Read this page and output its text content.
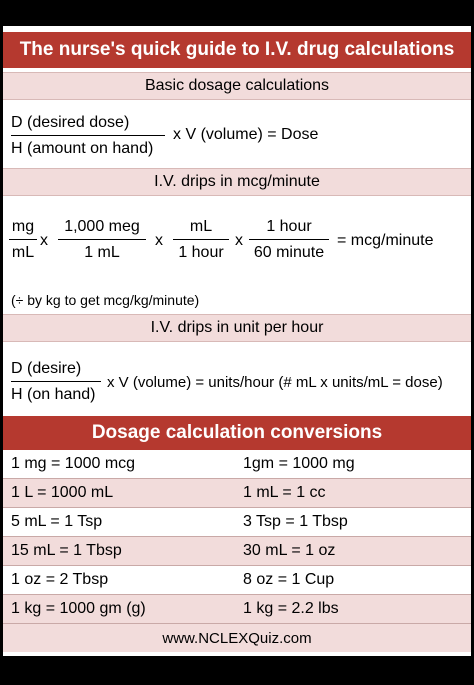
The nurse's quick guide to I.V. drug calculations
Basic dosage calculations
D (desired dose)
H (amount on hand)
x V (volume) = Dose
I.V. drips in mcg/minute
$\frac{mg}{mL}$ x
1,000 meg
1 mL
x
mL
1 hour
x
1 hour
60 minute
= mcg/minute
(÷ by kg to get mcg/kg/minute)
I.V. drips in unit per hour
D (desire)
H (on hand)
x V (volume) = units/hour (# mL x units/mL = dose)
Dosage calculation conversions
1 mg = 1000 mcg	1gm = 1000 mg
1 L = 1000 mL	1 mL = 1 cc
5 mL = 1 Tsp	3 Tsp = 1 Tbsp
15 mL = 1 Tbsp	30 mL = 1 oz
1 oz = 2 Tbsp	8 oz = 1 Cup
1 kg = 1000 gm (g)	1 kg = 2.2 lbs
www.NCLEXQuiz.com
